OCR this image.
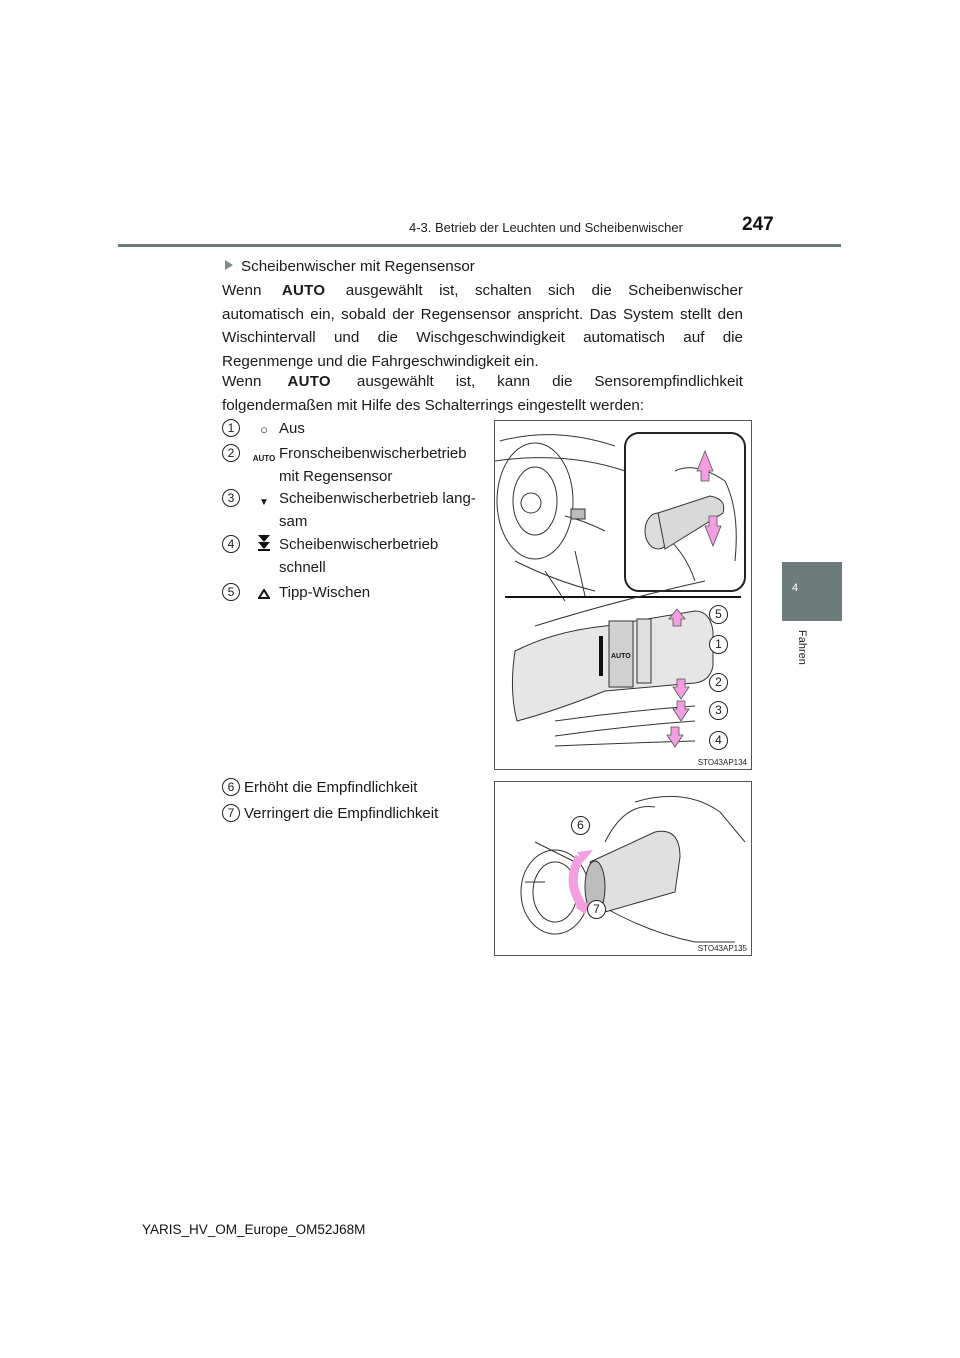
4-3. Betrieb der Leuchten und Scheibenwischer	247
4
Fahren
Scheibenwischer mit Regensensor
Wenn AUTO ausgewählt ist, schalten sich die Scheibenwischer automatisch ein, sobald der Regensensor anspricht. Das System stellt den Wischintervall und die Wischgeschwindigkeit automatisch auf die Regenmenge und die Fahrgeschwindigkeit ein.
Wenn AUTO ausgewählt ist, kann die Sensorempfindlichkeit folgendermaßen mit Hilfe des Schalterrings eingestellt werden:
1	○ Aus
2	AUTO Fronscheibenwischerbetrieb mit Regensensor
3	▼ Scheibenwischerbetrieb lang-sam
4	Scheibenwischerbetrieb schnell
5	Tipp-Wischen
6 Erhöht die Empfindlichkeit
7 Verringert die Empfindlichkeit
AUTO
5
1
2
3
4
STO43AP134
6
7
STO43AP135
YARIS_HV_OM_Europe_OM52J68M
